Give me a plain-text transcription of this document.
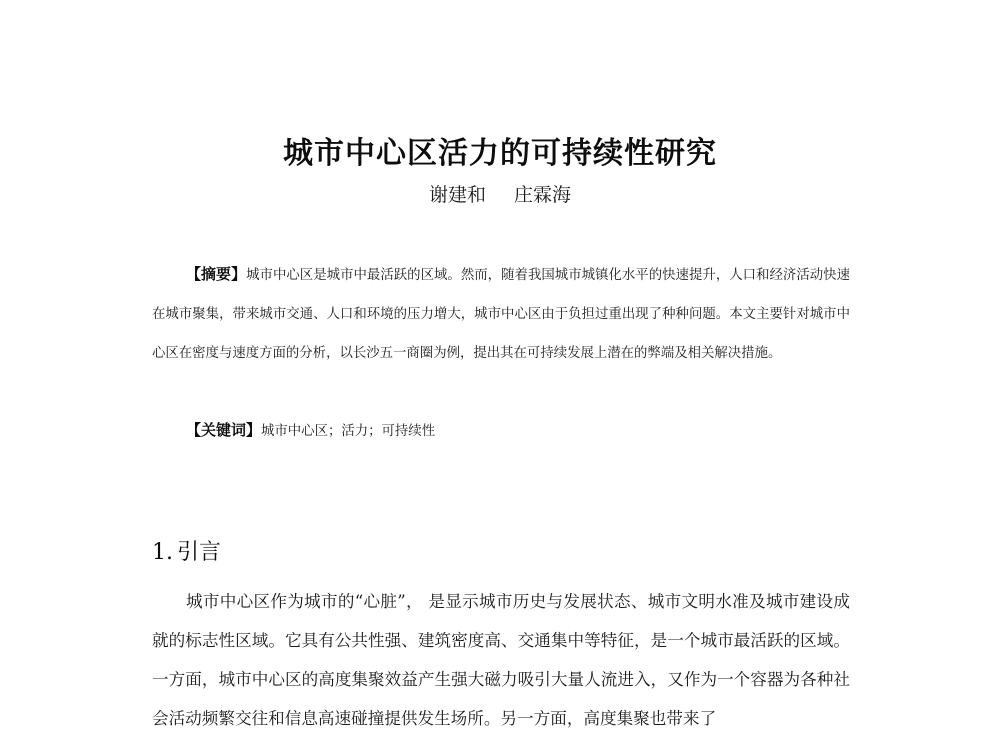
城市中心区活力的可持续性研究
谢建和 庄霖海
【摘要】城市中心区是城市中最活跃的区域。然而，随着我国城市城镇化水平的快速提升，人口和经济活动快速在城市聚集，带来城市交通、人口和环境的压力增大，城市中心区由于负担过重出现了种种问题。本文主要针对城市中心区在密度与速度方面的分析，以长沙五一商圈为例，提出其在可持续发展上潜在的弊端及相关解决措施。
【关键词】城市中心区；活力；可持续性
1. 引言
城市中心区作为城市的“心脏”， 是显示城市历史与发展状态、城市文明水准及城市建设成就的标志性区域。它具有公共性强、建筑密度高、交通集中等特征，是一个城市最活跃的区域。一方面，城市中心区的高度集聚效益产生强大磁力吸引大量人流进入，又作为一个容器为各种社会活动频繁交往和信息高速碰撞提供发生场所。另一方面，高度集聚也带来了
